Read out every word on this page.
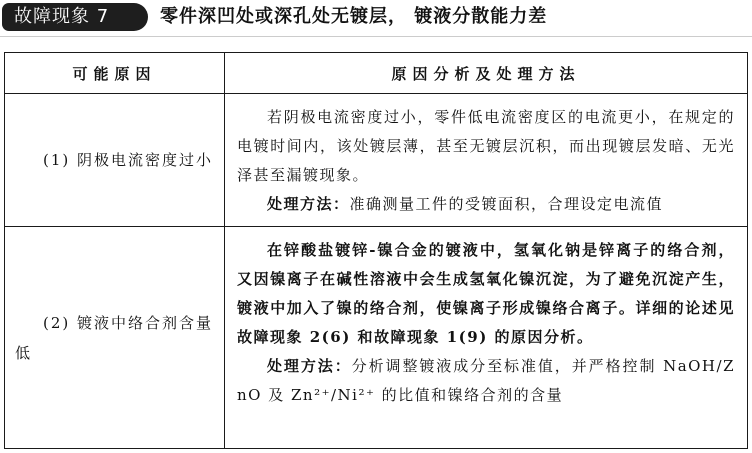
故障现象 7	零件深凹处或深孔处无镀层， 镀液分散能力差
可能原因	原因分析及处理方法
(1) 阴极电流密度过小

若阴极电流密度过小，零件低电流密度区的电流更小，在规定的电镀时间内，该处镀层薄，甚至无镀层沉积，而出现镀层发暗、无光泽甚至漏镀现象。

处理方法：准确测量工件的受镀面积，合理设定电流值

(2) 镀液中络合剂含量低

在锌酸盐镀锌-镍合金的镀液中，氢氧化钠是锌离子的络合剂，又因镍离子在碱性溶液中会生成氢氧化镍沉淀，为了避免沉淀产生，镀液中加入了镍的络合剂，使镍离子形成镍络合离子。详细的论述见故障现象 2(6) 和故障现象 1(9) 的原因分析。

处理方法：分析调整镀液成分至标准值，并严格控制 NaOH/ZnO 及 Zn²⁺/Ni²⁺ 的比值和镍络合剂的含量
